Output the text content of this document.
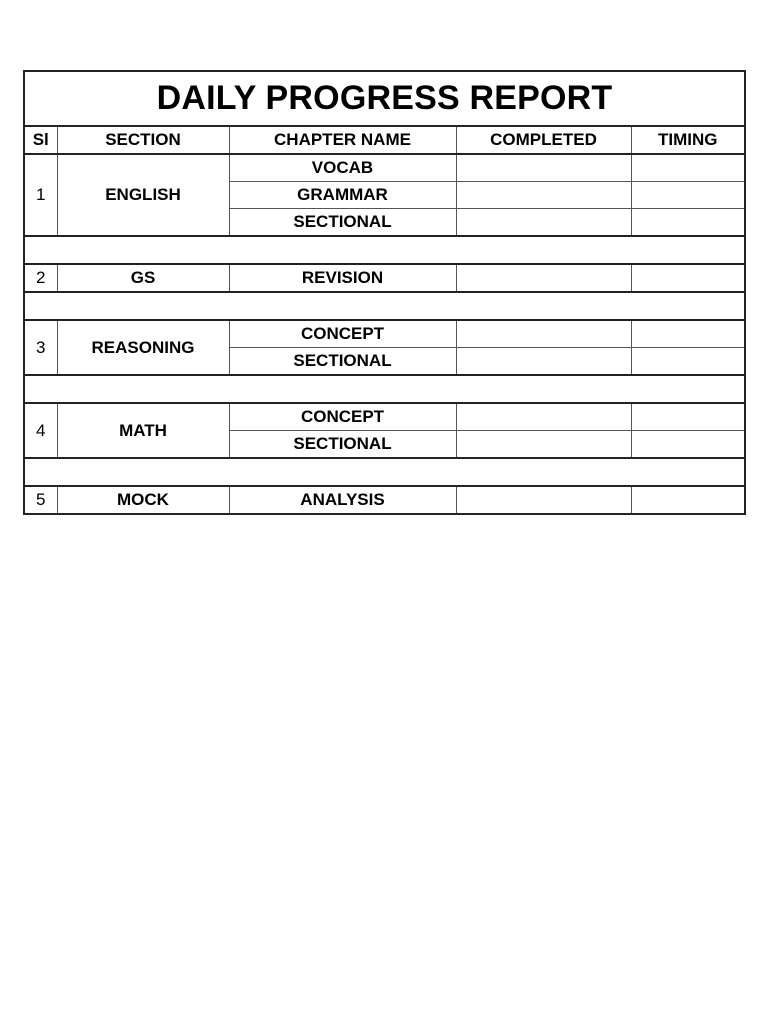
DAILY PROGRESS REPORT				
Sl	SECTION	CHAPTER NAME	COMPLETED	TIMING
1	ENGLISH	VOCAB		
		GRAMMAR		
		SECTIONAL		

2	GS	REVISION		

3	REASONING	CONCEPT		
		SECTIONAL		

4	MATH	CONCEPT		
		SECTIONAL		

5	MOCK	ANALYSIS		
